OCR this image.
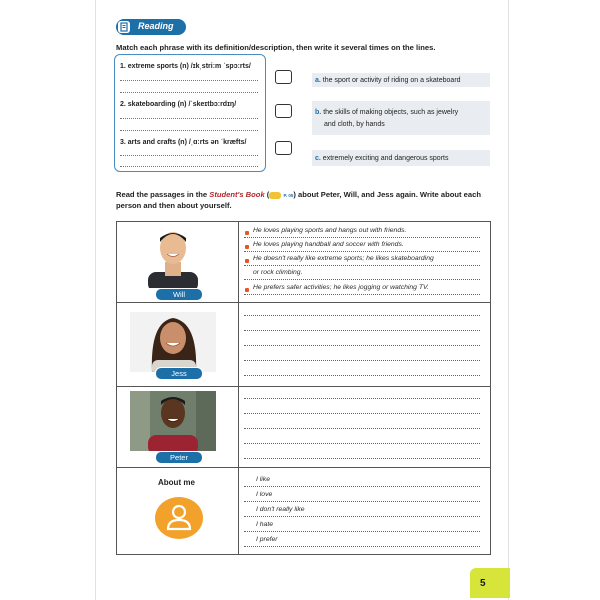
Reading
Match each phrase with its definition/description, then write it several times on the lines.
1. extreme sports (n) /ɪkˌstriːm ˈspɔːrts/
2. skateboarding (n) /ˈskeɪtbɔːrdɪŋ/
3. arts and crafts (n) /ˌɑːrts ən ˈkræfts/
a. the sport or activity of riding on a skateboard
b. the skills of making objects, such as jewelry
and cloth, by hands
c. extremely exciting and dangerous sports
Read the passages in the Student's Book (	P. 05) about Peter, Will, and Jess again. Write about each
person and then about yourself.
Will
Jess
Peter
He loves playing sports and hangs out with friends.
He loves playing handball and soccer with friends.
He doesn't really like extreme sports; he likes skateboarding
or rock climbing.
He prefers safer activities; he likes jogging or watching TV.
About me	I like
I love
I don't really like
I hate
I prefer
5
